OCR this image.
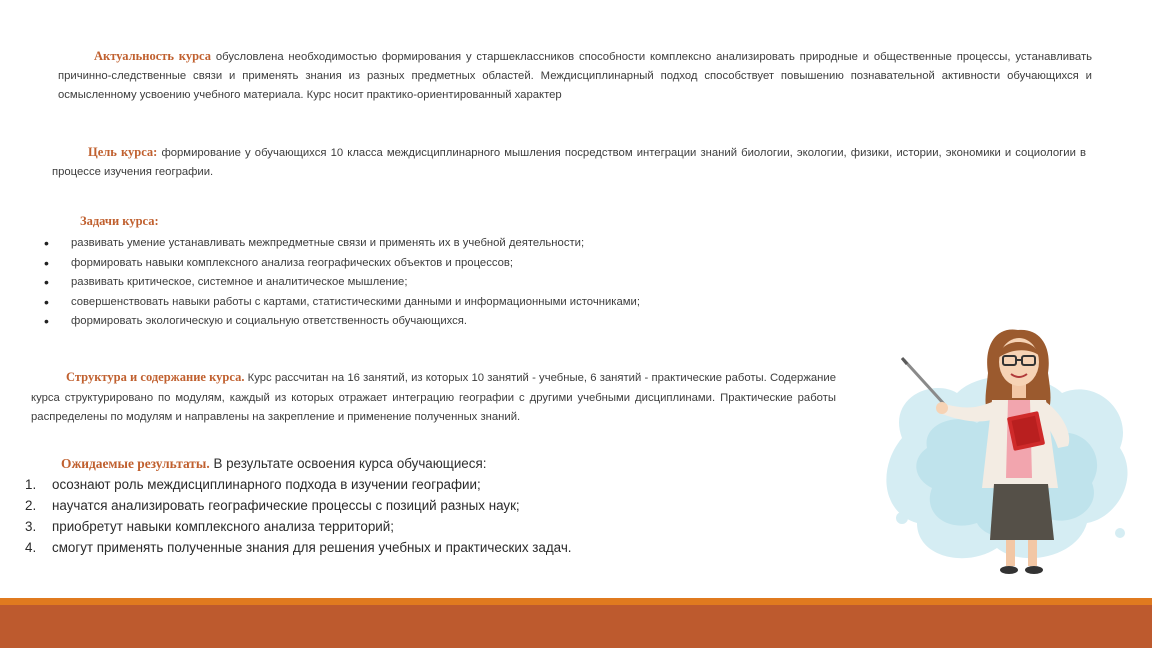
Актуальность курса обусловлена необходимостью формирования у старшеклассников способности комплексно анализировать природные и общественные процессы, устанавливать причинно-следственные связи и применять знания из разных предметных областей. Междисциплинарный подход способствует повышению познавательной активности обучающихся и осмысленному усвоению учебного материала. Курс носит практико-ориентированный характер
Цель курса: формирование у обучающихся 10 класса междисциплинарного мышления посредством интеграции знаний биологии, экологии, физики, истории, экономики и социологии в процессе изучения географии.
Задачи курса:
• развивать умение устанавливать межпредметные связи и применять их в учебной деятельности;
• формировать навыки комплексного анализа географических объектов и процессов;
• развивать критическое, системное и аналитическое мышление;
• совершенствовать навыки работы с картами, статистическими данными и информационными источниками;
• формировать экологическую и социальную ответственность обучающихся.
Структура и содержание курса. Курс рассчитан на 16 занятий, из которых 10 занятий - учебные, 6 занятий - практические работы. Содержание курса структурировано по модулям, каждый из которых отражает интеграцию географии с другими учебными дисциплинами. Практические работы распределены по модулям и направлены на закрепление и применение полученных знаний.
Ожидаемые результаты. В результате освоения курса обучающиеся:
1. осознают роль междисциплинарного подхода в изучении географии;
2. научатся анализировать географические процессы с позиций разных наук;
3. приобретут навыки комплексного анализа территорий;
4. смогут применять полученные знания для решения учебных и практических задач.
